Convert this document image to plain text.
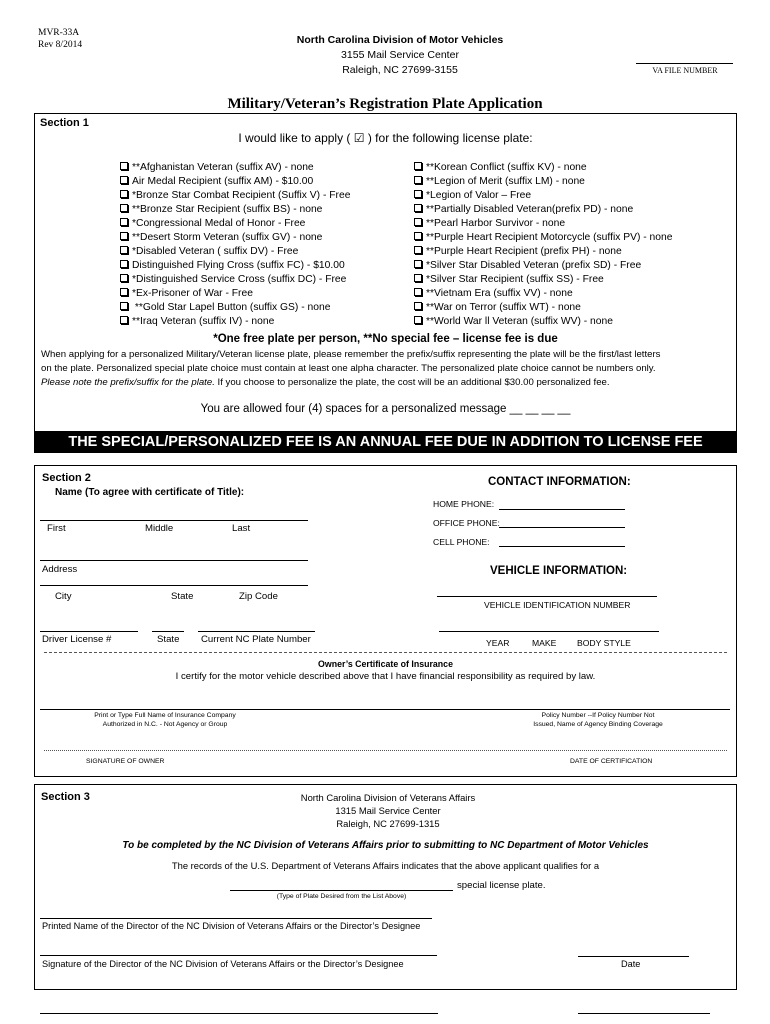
MVR-33A
Rev 8/2014	North Carolina Division of Motor Vehicles
3155 Mail Service Center
Raleigh, NC 27699-3155	VA FILE NUMBER
Military/Veteran’s Registration Plate Application
Section 1
I would like to apply ( ☑ ) for the following license plate:
**Afghanistan Veteran (suffix AV) - none
Air Medal Recipient (suffix AM) - $10.00
*Bronze Star Combat Recipient (Suffix V) - Free
**Bronze Star Recipient (suffix BS) - none
*Congressional Medal of Honor - Free
**Desert Storm Veteran (suffix GV) - none
*Disabled Veteran ( suffix DV) - Free
Distinguished Flying Cross (suffix FC) - $10.00
*Distinguished Service Cross (suffix DC) - Free
*Ex-Prisoner of War - Free
**Gold Star Lapel Button (suffix GS) - none
**Iraq Veteran (suffix IV) - none
**Korean Conflict (suffix KV) - none
**Legion of Merit (suffix LM) - none
*Legion of Valor – Free
**Partially Disabled Veteran(prefix PD) - none
**Pearl Harbor Survivor - none
**Purple Heart Recipient Motorcycle (suffix PV) - none
**Purple Heart Recipient (prefix PH) - none
*Silver Star Disabled Veteran (prefix SD) - Free
*Silver Star Recipient (suffix SS) - Free
**Vietnam Era (suffix VV) - none
**War on Terror (suffix WT) - none
**World War ll Veteran (suffix WV) - none
*One free plate per person, **No special fee – license fee is due
When applying for a personalized Military/Veteran license plate, please remember the prefix/suffix representing the plate will be the first/last letters
on the plate. Personalized special plate choice must contain at least one alpha character. The personalized plate choice cannot be numbers only.
Please note the prefix/suffix for the plate. If you choose to personalize the plate, the cost will be an additional $30.00 personalized fee.
You are allowed four (4) spaces for a personalized message __ __ __ __
THE SPECIAL/PERSONALIZED FEE IS AN ANNUAL FEE DUE IN ADDITION TO LICENSE FEE
Section 2
Name (To agree with certificate of Title):
First	Middle	Last
Address
City	State	Zip Code
Driver License #	State Current NC Plate Number
CONTACT INFORMATION:
HOME PHONE:
OFFICE PHONE:
CELL PHONE:
VEHICLE INFORMATION:
VEHICLE IDENTIFICATION NUMBER
YEAR	MAKE BODY STYLE
Owner’s Certificate of Insurance
I certify for the motor vehicle described above that I have financial responsibility as required by law.
Print or Type Full Name of Insurance Company
Authorized in N.C. - Not Agency or Group
Policy Number --If Policy Number Not
Issued, Name of Agency Binding Coverage
SIGNATURE OF OWNER	DATE OF CERTIFICATION
Section 3	North Carolina Division of Veterans Affairs
1315 Mail Service Center
Raleigh, NC 27699-1315
To be completed by the NC Division of Veterans Affairs prior to submitting to NC Department of Motor Vehicles
The records of the U.S. Department of Veterans Affairs indicates that the above applicant qualifies for a
special license plate.
(Type of Plate Desired from the List Above)
Printed Name of the Director of the NC Division of Veterans Affairs or the Director’s Designee
Signature of the Director of the NC Division of Veterans Affairs or the Director’s Designee	Date
